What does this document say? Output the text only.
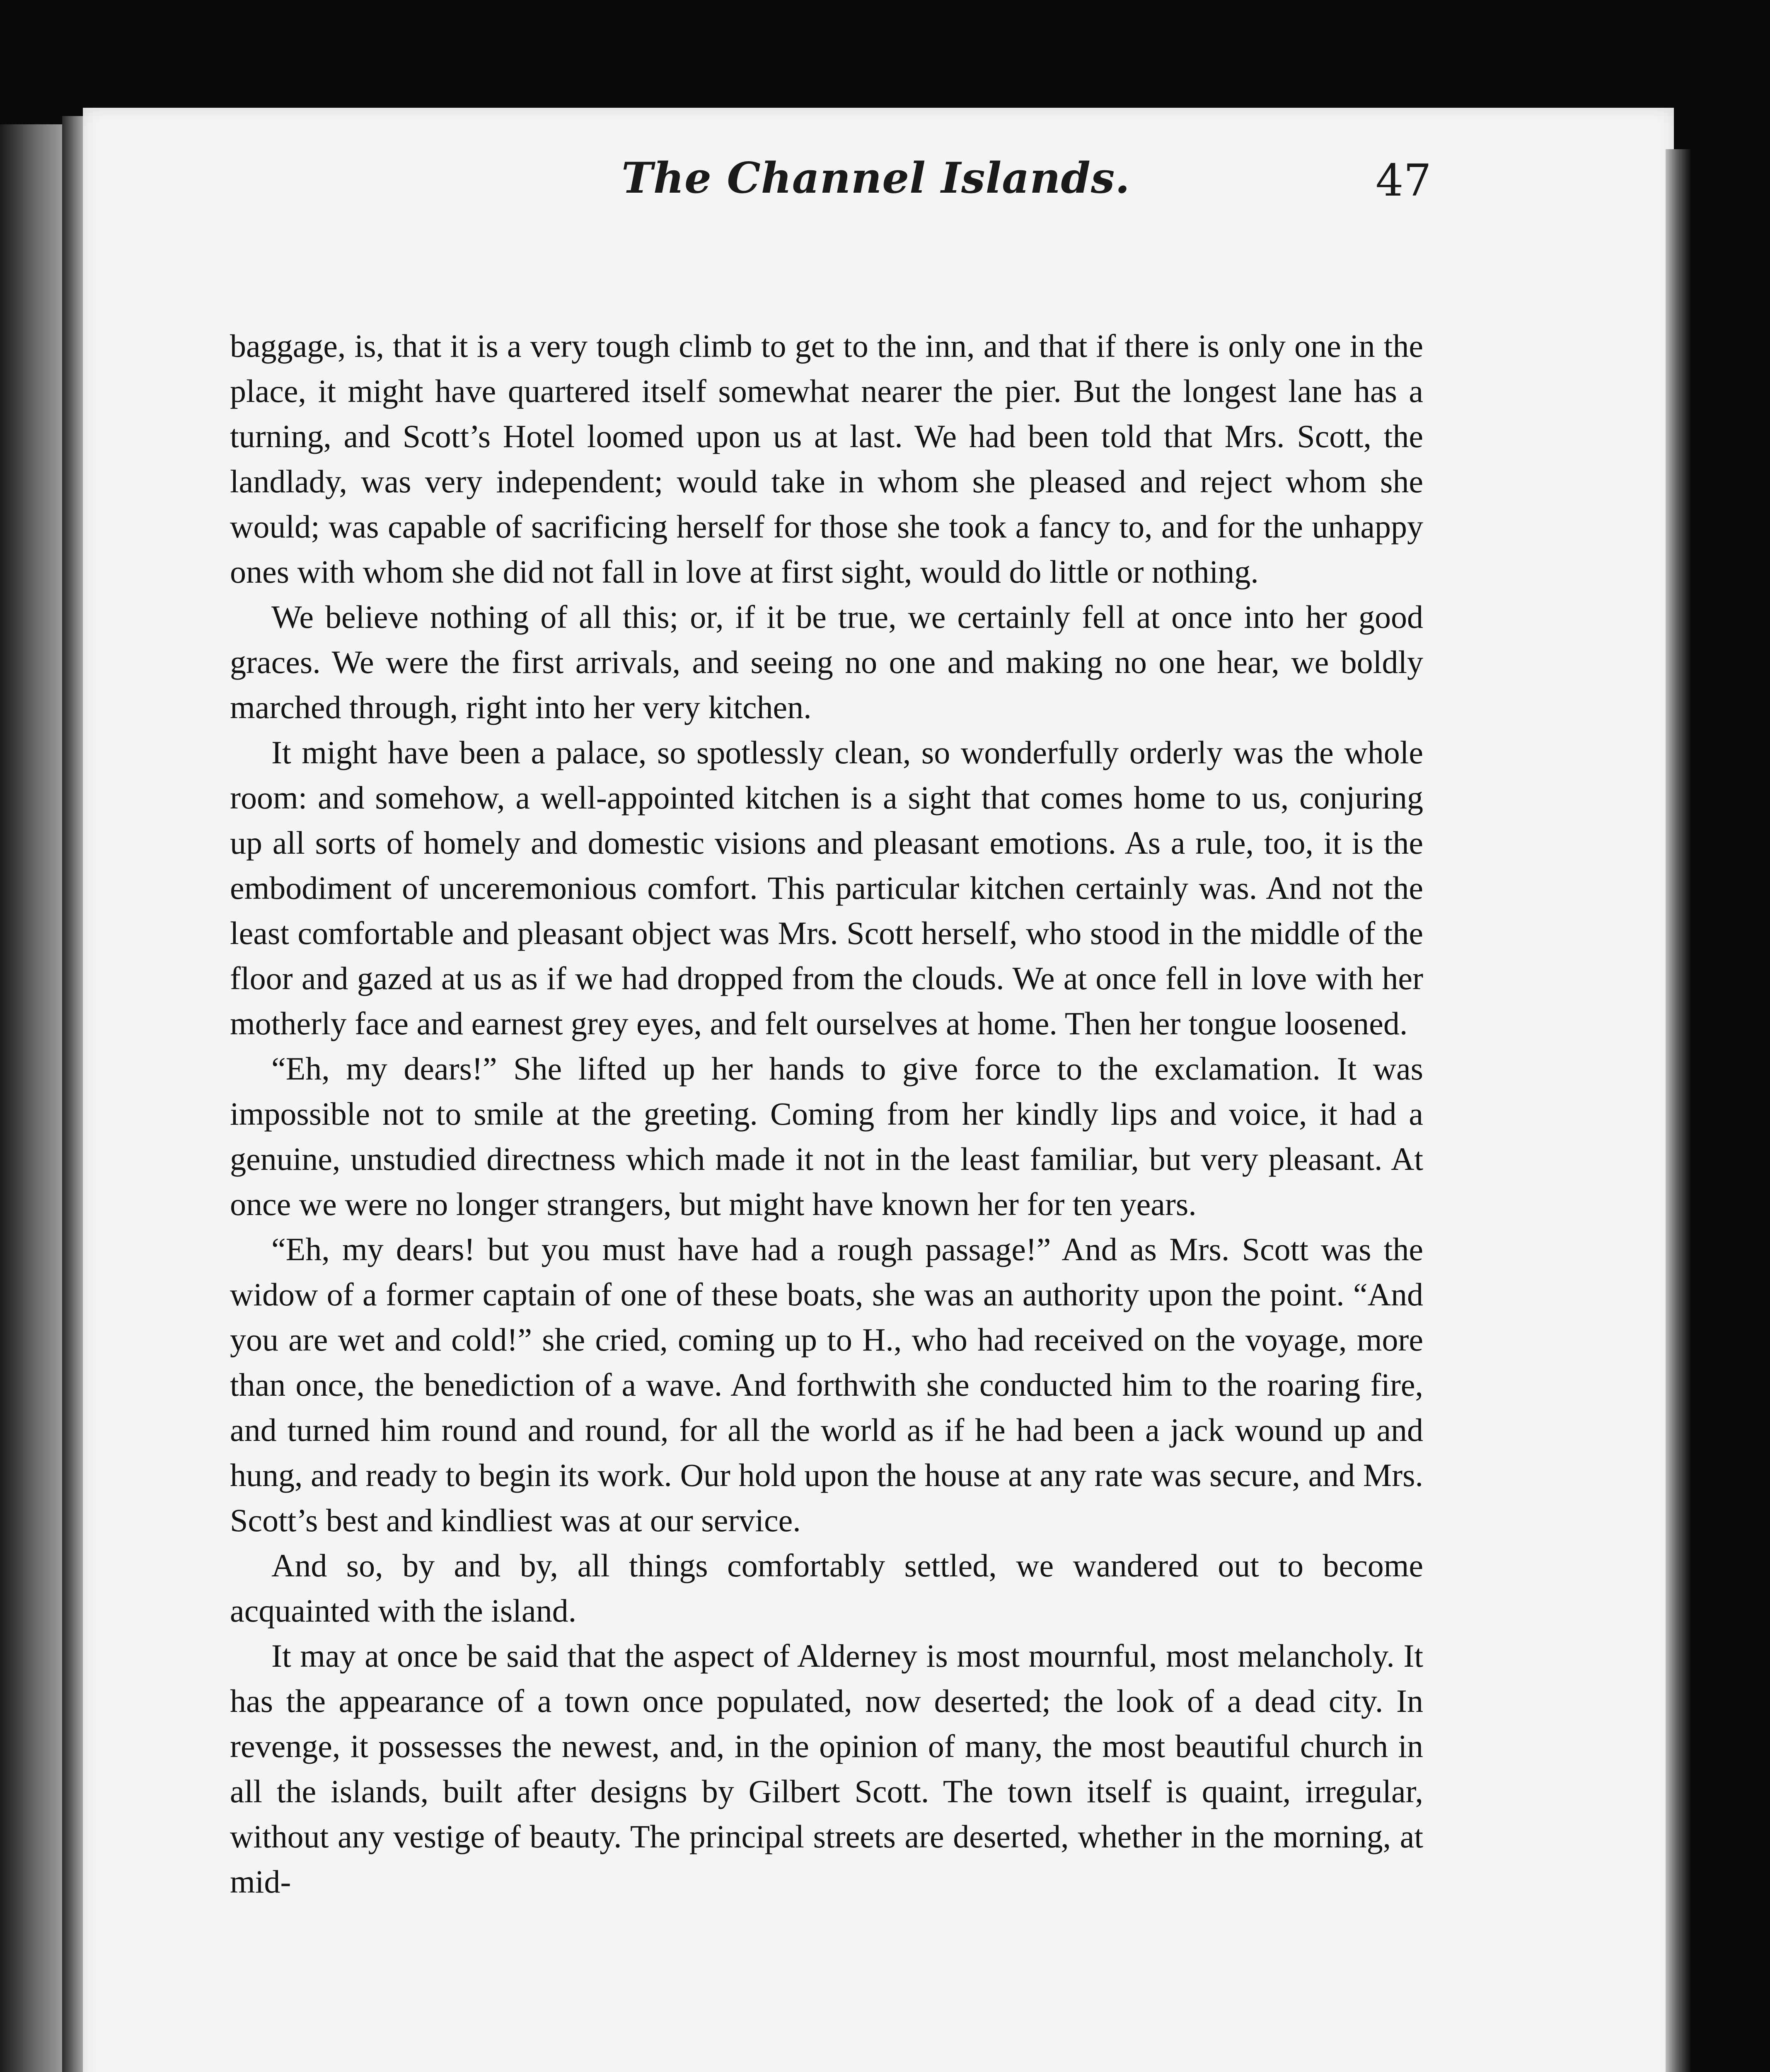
The Channel Islands.	47

baggage, is, that it is a very tough climb to get to the inn, and that if there is only one in the place, it might have quartered itself somewhat nearer the pier. But the longest lane has a turning, and Scott’s Hotel loomed upon us at last. We had been told that Mrs. Scott, the landlady, was very independent; would take in whom she pleased and reject whom she would; was capable of sacrificing herself for those she took a fancy to, and for the unhappy ones with whom she did not fall in love at first sight, would do little or nothing.

We believe nothing of all this; or, if it be true, we certainly fell at once into her good graces. We were the first arrivals, and seeing no one and making no one hear, we boldly marched through, right into her very kitchen.

It might have been a palace, so spotlessly clean, so wonderfully orderly was the whole room: and somehow, a well-appointed kitchen is a sight that comes home to us, conjuring up all sorts of homely and domestic visions and pleasant emotions. As a rule, too, it is the embodiment of unceremonious comfort. This particular kitchen certainly was. And not the least comfortable and pleasant object was Mrs. Scott herself, who stood in the middle of the floor and gazed at us as if we had dropped from the clouds. We at once fell in love with her motherly face and earnest grey eyes, and felt ourselves at home. Then her tongue loosened.

“Eh, my dears!” She lifted up her hands to give force to the exclamation. It was impossible not to smile at the greeting. Coming from her kindly lips and voice, it had a genuine, unstudied directness which made it not in the least familiar, but very pleasant. At once we were no longer strangers, but might have known her for ten years.

“Eh, my dears! but you must have had a rough passage!” And as Mrs. Scott was the widow of a former captain of one of these boats, she was an authority upon the point. “And you are wet and cold!” she cried, coming up to H., who had received on the voyage, more than once, the benediction of a wave. And forthwith she conducted him to the roaring fire, and turned him round and round, for all the world as if he had been a jack wound up and hung, and ready to begin its work. Our hold upon the house at any rate was secure, and Mrs. Scott’s best and kindliest was at our service.

And so, by and by, all things comfortably settled, we wandered out to become acquainted with the island.

It may at once be said that the aspect of Alderney is most mournful, most melancholy. It has the appearance of a town once populated, now deserted; the look of a dead city. In revenge, it possesses the newest, and, in the opinion of many, the most beautiful church in all the islands, built after designs by Gilbert Scott. The town itself is quaint, irregular, without any vestige of beauty. The principal streets are deserted, whether in the morning, at mid-
